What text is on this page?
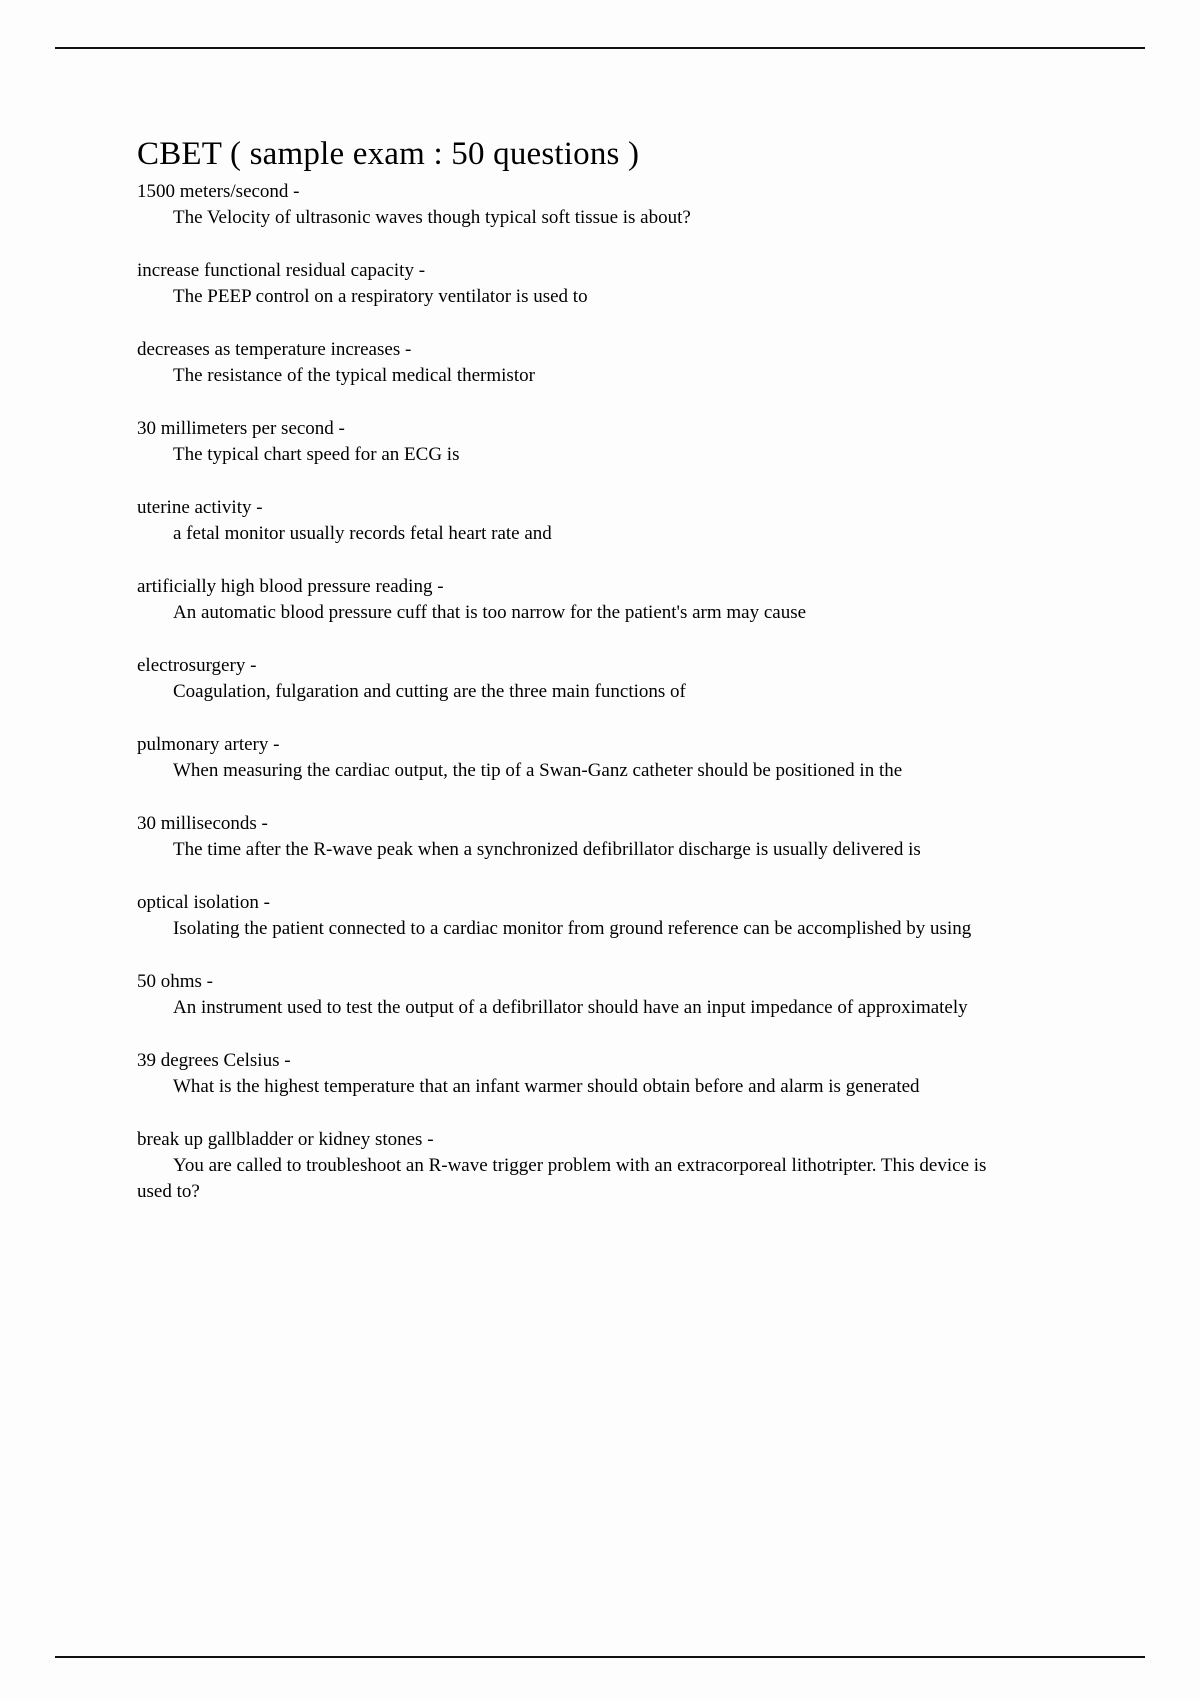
CBET ( sample exam : 50 questions )
1500 meters/second -
The Velocity of ultrasonic waves though typical soft tissue is about?
increase functional residual capacity -
The PEEP control on a respiratory ventilator is used to
decreases as temperature increases -
The resistance of the typical medical thermistor
30 millimeters per second -
The typical chart speed for an ECG is
uterine activity -
a fetal monitor usually records fetal heart rate and
artificially high blood pressure reading -
An automatic blood pressure cuff that is too narrow for the patient's arm may cause
electrosurgery -
Coagulation, fulgaration and cutting are the three main functions of
pulmonary artery -
When measuring the cardiac output, the tip of a Swan-Ganz catheter should be positioned in the
30 milliseconds -
The time after the R-wave peak when a synchronized defibrillator discharge is usually delivered is
optical isolation -
Isolating the patient connected to a cardiac monitor from ground reference can be accomplished by using
50 ohms -
An instrument used to test the output of a defibrillator should have an input impedance of approximately
39 degrees Celsius -
What is the highest temperature that an infant warmer should obtain before and alarm is generated
break up gallbladder or kidney stones -
You are called to troubleshoot an R-wave trigger problem with an extracorporeal lithotripter. This device is used to?
